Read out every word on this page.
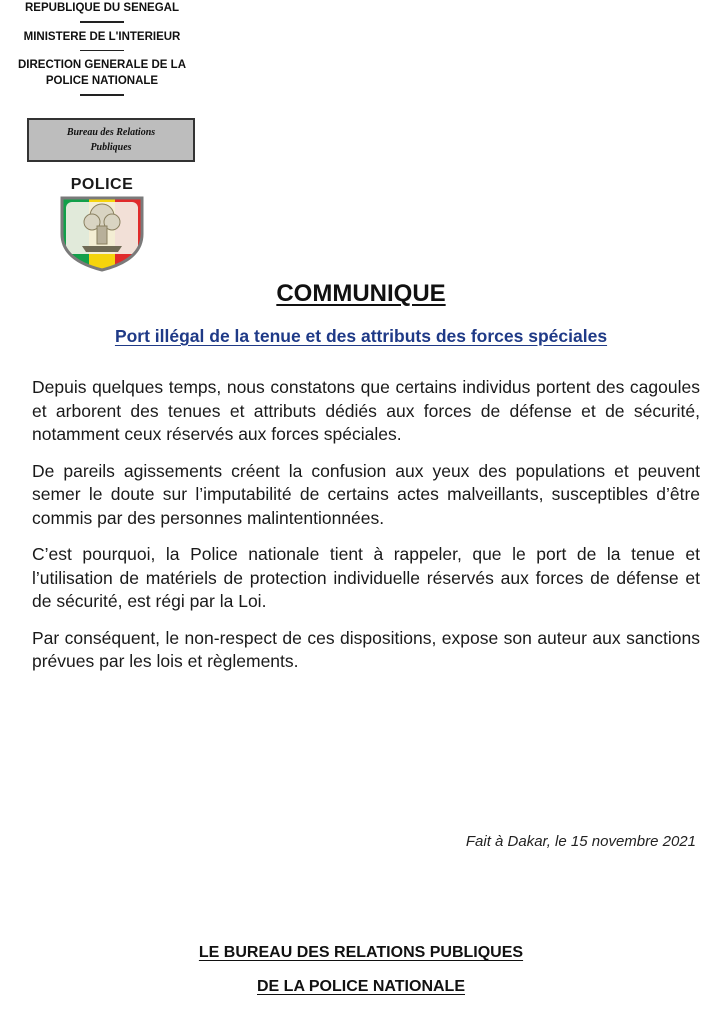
REPUBLIQUE DU SENEGAL
MINISTERE DE L'INTERIEUR
DIRECTION GENERALE DE LA
POLICE NATIONALE
Bureau des Relations
Publiques
POLICE
COMMUNIQUE
Port illégal de la tenue et des attributs des forces spéciales

Depuis quelques temps, nous constatons que certains individus portent des cagoules et arborent des tenues et attributs dédiés aux forces de défense et de sécurité, notamment ceux réservés aux forces spéciales.

De pareils agissements créent la confusion aux yeux des populations et peuvent semer le doute sur l’imputabilité de certains actes malveillants, susceptibles d’être commis par des personnes malintentionnées.

C’est pourquoi, la Police nationale tient à rappeler, que le port de la tenue et l’utilisation de matériels de protection individuelle réservés aux forces de défense et de sécurité, est régi par la Loi.

Par conséquent, le non-respect de ces dispositions, expose son auteur aux sanctions prévues par les lois et règlements.

Fait à Dakar, le 15 novembre 2021
LE BUREAU DES RELATIONS PUBLIQUES
DE LA POLICE NATIONALE
